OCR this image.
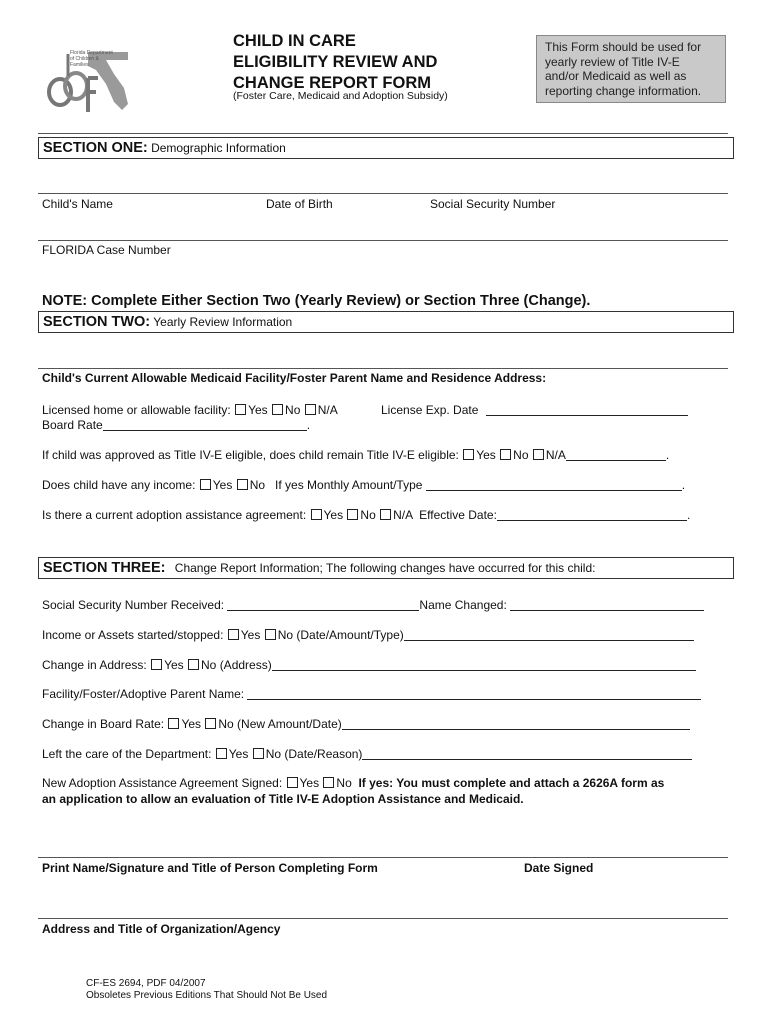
Florida Department of Children & Families
CHILD IN CARE
ELIGIBILITY REVIEW AND
CHANGE REPORT FORM
(Foster Care, Medicaid and Adoption Subsidy)
This Form should be used for yearly review of Title IV-E and/or Medicaid as well as reporting change information.
SECTION ONE: Demographic Information
Child's Name	Date of Birth	Social Security Number
FLORIDA Case Number
NOTE: Complete Either Section Two (Yearly Review) or Section Three (Change).
SECTION TWO: Yearly Review Information
Child's Current Allowable Medicaid Facility/Foster Parent Name and Residence Address:
Licensed home or allowable facility: Yes No N/A	License Exp. Date
Board Rate	.
If child was approved as Title IV-E eligible, does child remain Title IV-E eligible: Yes No N/A	.
Does child have any income: Yes No If yes Monthly Amount/Type	.
Is there a current adoption assistance agreement: Yes No N/A Effective Date:	.
SECTION THREE: Change Report Information; The following changes have occurred for this child:
Social Security Number Received:	Name Changed:
Income or Assets started/stopped: Yes No (Date/Amount/Type)
Change in Address: Yes No (Address)
Facility/Foster/Adoptive Parent Name:
Change in Board Rate: Yes No (New Amount/Date)
Left the care of the Department: Yes No (Date/Reason)
New Adoption Assistance Agreement Signed: Yes No If yes: You must complete and attach a 2626A form as
an application to allow an evaluation of Title IV-E Adoption Assistance and Medicaid.
Print Name/Signature and Title of Person Completing Form	Date Signed
Address and Title of Organization/Agency
CF-ES 2694, PDF 04/2007
Obsoletes Previous Editions That Should Not Be Used
